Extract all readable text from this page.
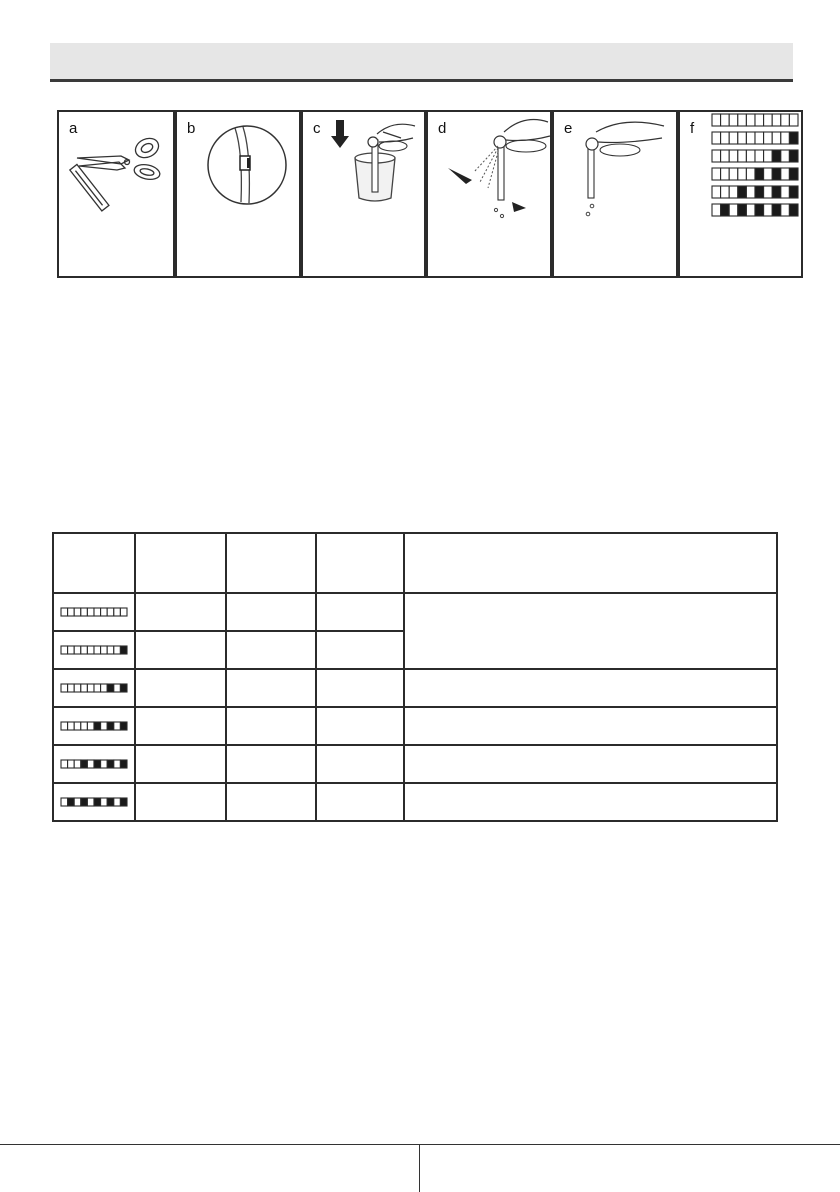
a	b	c	d	e	f
